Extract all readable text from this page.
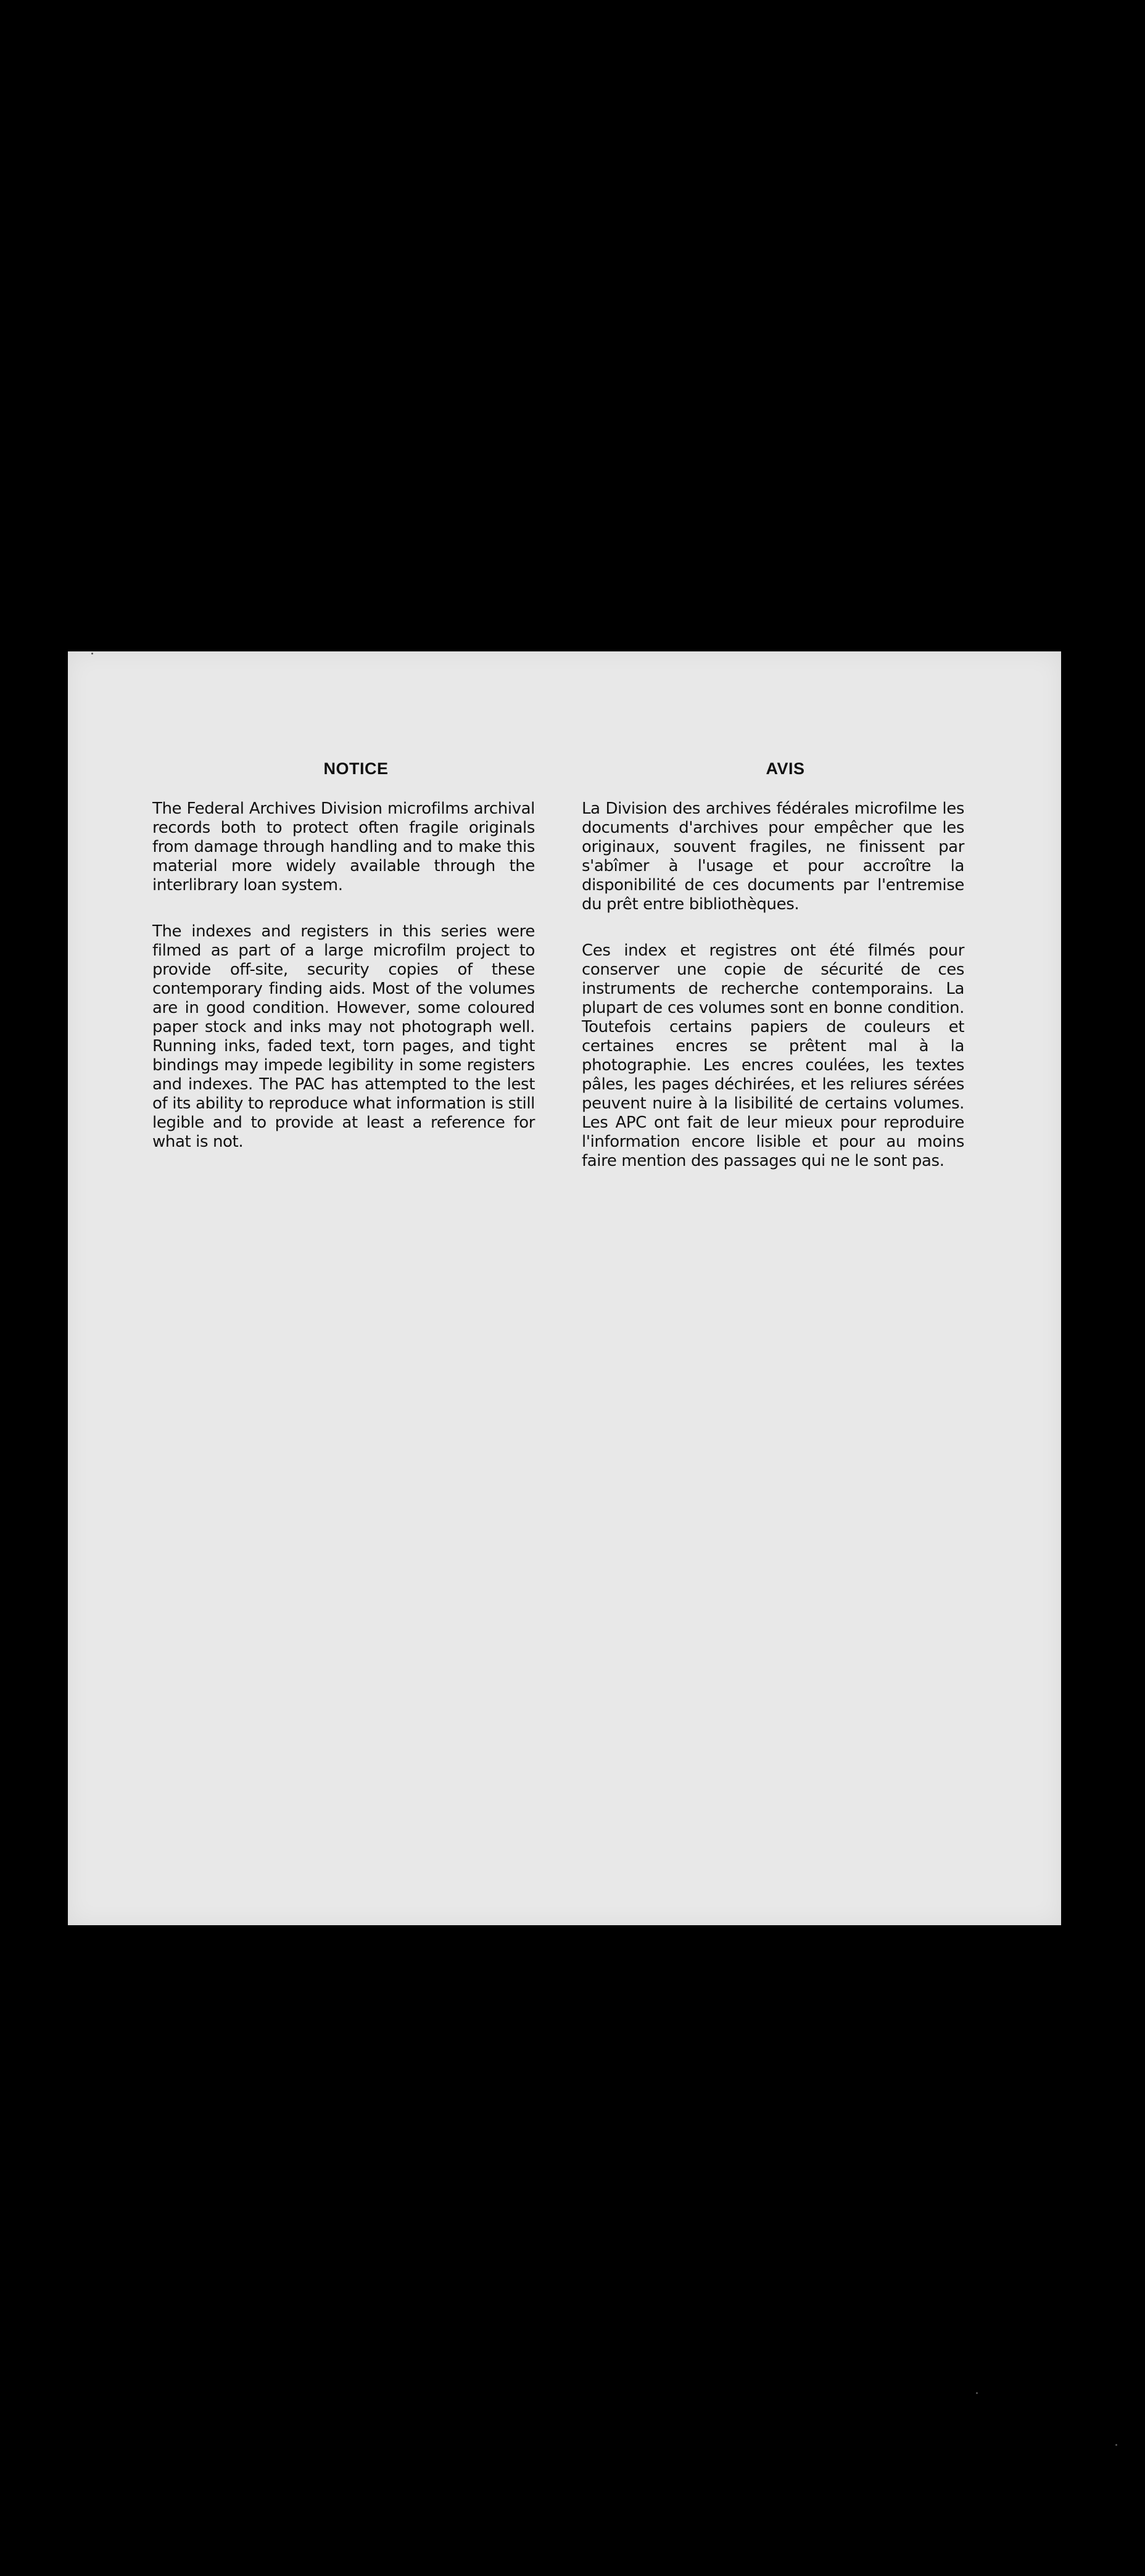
NOTICE

The Federal Archives Division microfilms archival records both to protect often fragile originals from damage through handling and to make this material more widely available through the interlibrary loan system.

The indexes and registers in this series were filmed as part of a large microfilm project to provide off-site, security copies of these contemporary finding aids. Most of the volumes are in good condition. However, some coloured paper stock and inks may not photograph well. Running inks, faded text, torn pages, and tight bindings may impede legibility in some registers and indexes. The PAC has attempted to the lest of its ability to reproduce what information is still legible and to provide at least a reference for what is not.

AVIS

La Division des archives fédérales microfilme les documents d'archives pour empêcher que les originaux, souvent fragiles, ne finissent par s'abîmer à l'usage et pour accroître la disponibilité de ces documents par l'entremise du prêt entre bibliothèques.

Ces index et registres ont été filmés pour conserver une copie de sécurité de ces instruments de recherche contemporains. La plupart de ces volumes sont en bonne condition. Toutefois certains papiers de couleurs et certaines encres se prêtent mal à la photographie. Les encres coulées, les textes pâles, les pages déchirées, et les reliures sérées peuvent nuire à la lisibilité de certains volumes. Les APC ont fait de leur mieux pour reproduire l'information encore lisible et pour au moins faire mention des passages qui ne le sont pas.
